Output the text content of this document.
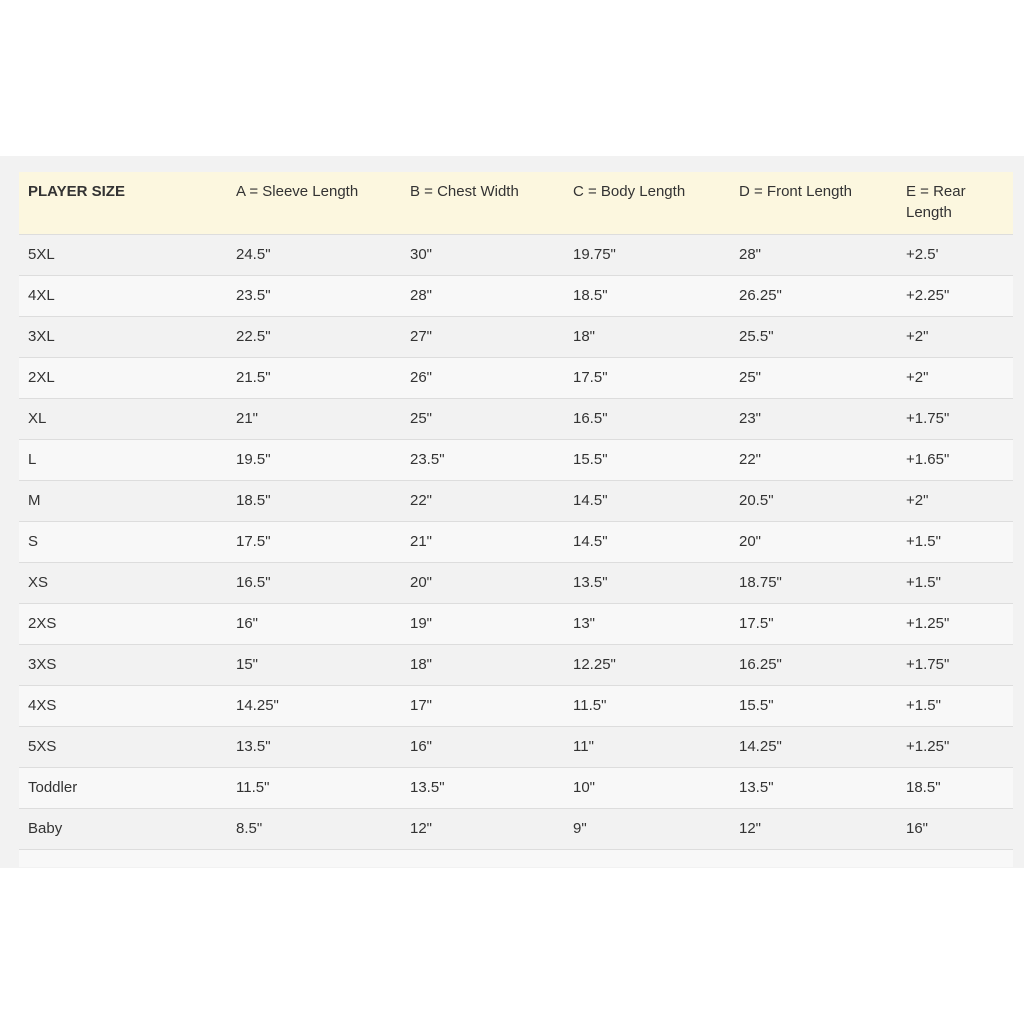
PLAYER SIZE	A = Sleeve Length	B = Chest Width	C = Body Length	D = Front Length	E = Rear Length
5XL	24.5"	30"	19.75"	28"	+2.5'
4XL	23.5"	28"	18.5"	26.25"	+2.25"
3XL	22.5"	27"	18"	25.5"	+2"
2XL	21.5"	26"	17.5"	25"	+2"
XL	21"	25"	16.5"	23"	+1.75"
L	19.5"	23.5"	15.5"	22"	+1.65"
M	18.5"	22"	14.5"	20.5"	+2"
S	17.5"	21"	14.5"	20"	+1.5"
XS	16.5"	20"	13.5"	18.75"	+1.5"
2XS	16"	19"	13"	17.5"	+1.25"
3XS	15"	18"	12.25"	16.25"	+1.75"
4XS	14.25"	17"	11.5"	15.5"	+1.5"
5XS	13.5"	16"	11"	14.25"	+1.25"
Toddler	11.5"	13.5"	10"	13.5"	18.5"
Baby	8.5"	12"	9"	12"	16"
